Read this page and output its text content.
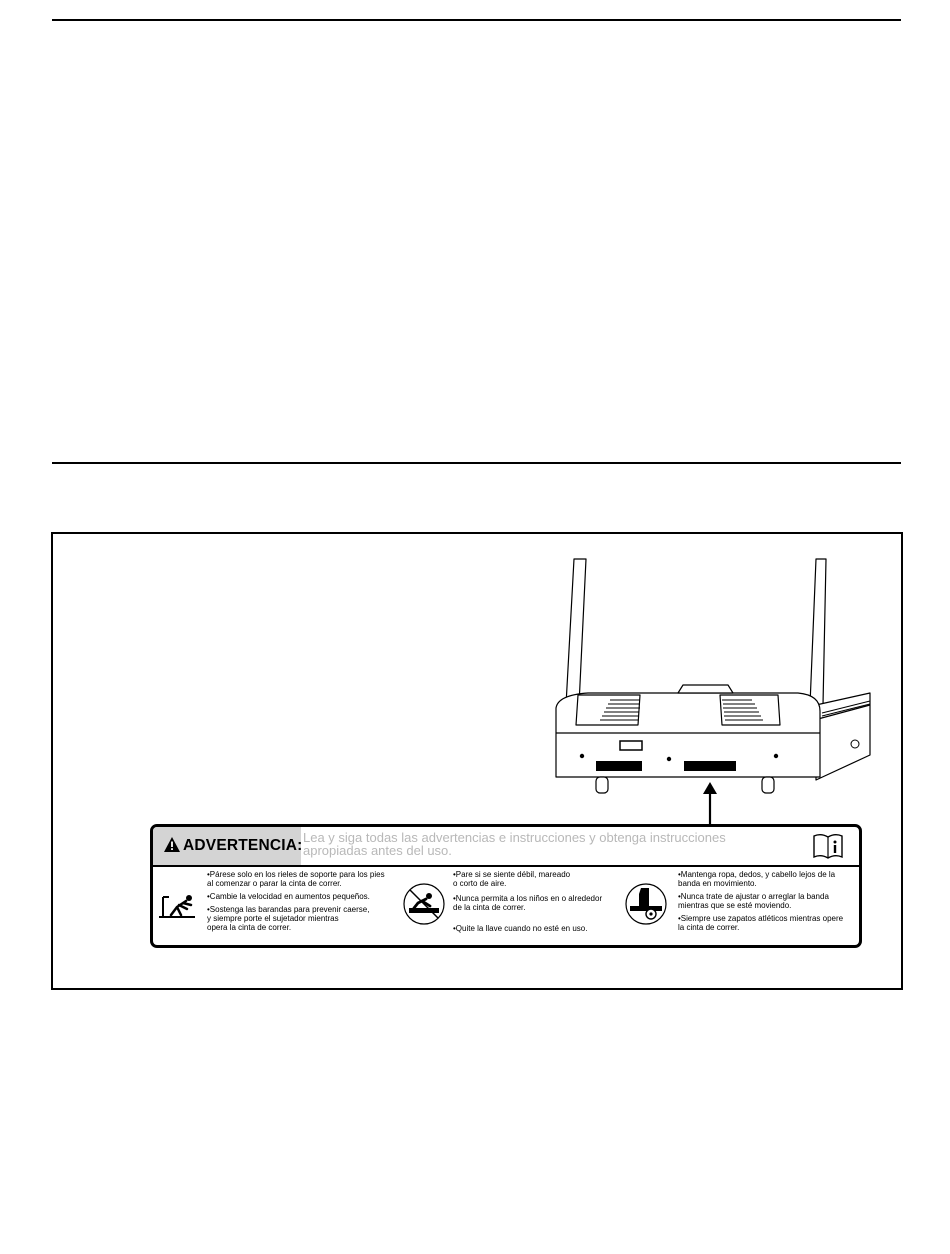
ADVERTENCIA: Lea y siga todas las advertencias e instrucciones y obtenga instrucciones apropiadas antes del uso.

•Párese solo en los rieles de soporte para los pies
al comenzar o parar la cinta de correr.

•Cambie la velocidad en aumentos pequeños.

•Sostenga las barandas para prevenir caerse,
y siempre porte el sujetador mientras
opera la cinta de correr.

•Pare si se siente débil, mareado
o corto de aire.

•Nunca permita a los niños en o alrededor
de la cinta de correr.

•Quite la llave cuando no esté en uso.

•Mantenga ropa, dedos, y cabello lejos de la
banda en movimiento.

•Nunca trate de ajustar o arreglar la banda
mientras que se esté moviendo.

•Siempre use zapatos atléticos mientras opere
la cinta de correr.
